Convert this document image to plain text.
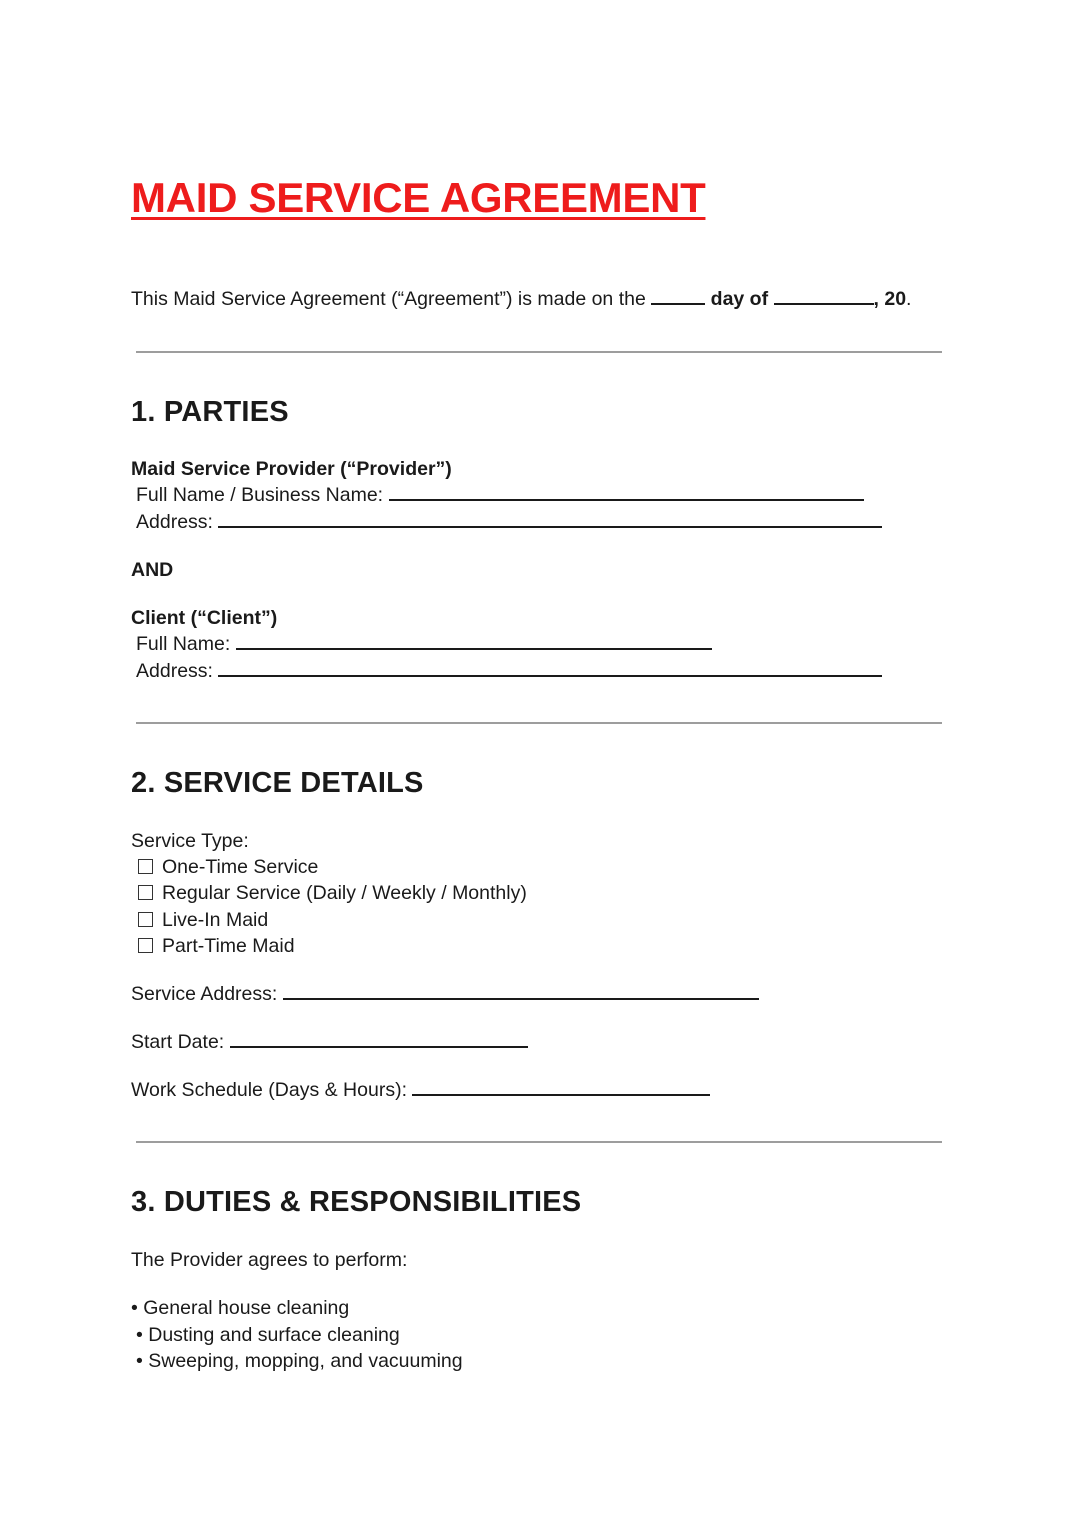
MAID SERVICE AGREEMENT
This Maid Service Agreement (“Agreement”) is made on the	day of	, 20.
1. PARTIES
Maid Service Provider (“Provider”)
Full Name / Business Name:
Address:
AND
Client (“Client”)
Full Name:
Address:
2. SERVICE DETAILS
Service Type:
One-Time Service
Regular Service (Daily / Weekly / Monthly)
Live-In Maid
Part-Time Maid
Service Address:
Start Date:
Work Schedule (Days & Hours):
3. DUTIES & RESPONSIBILITIES
The Provider agrees to perform:
• General house cleaning
• Dusting and surface cleaning
• Sweeping, mopping, and vacuuming
